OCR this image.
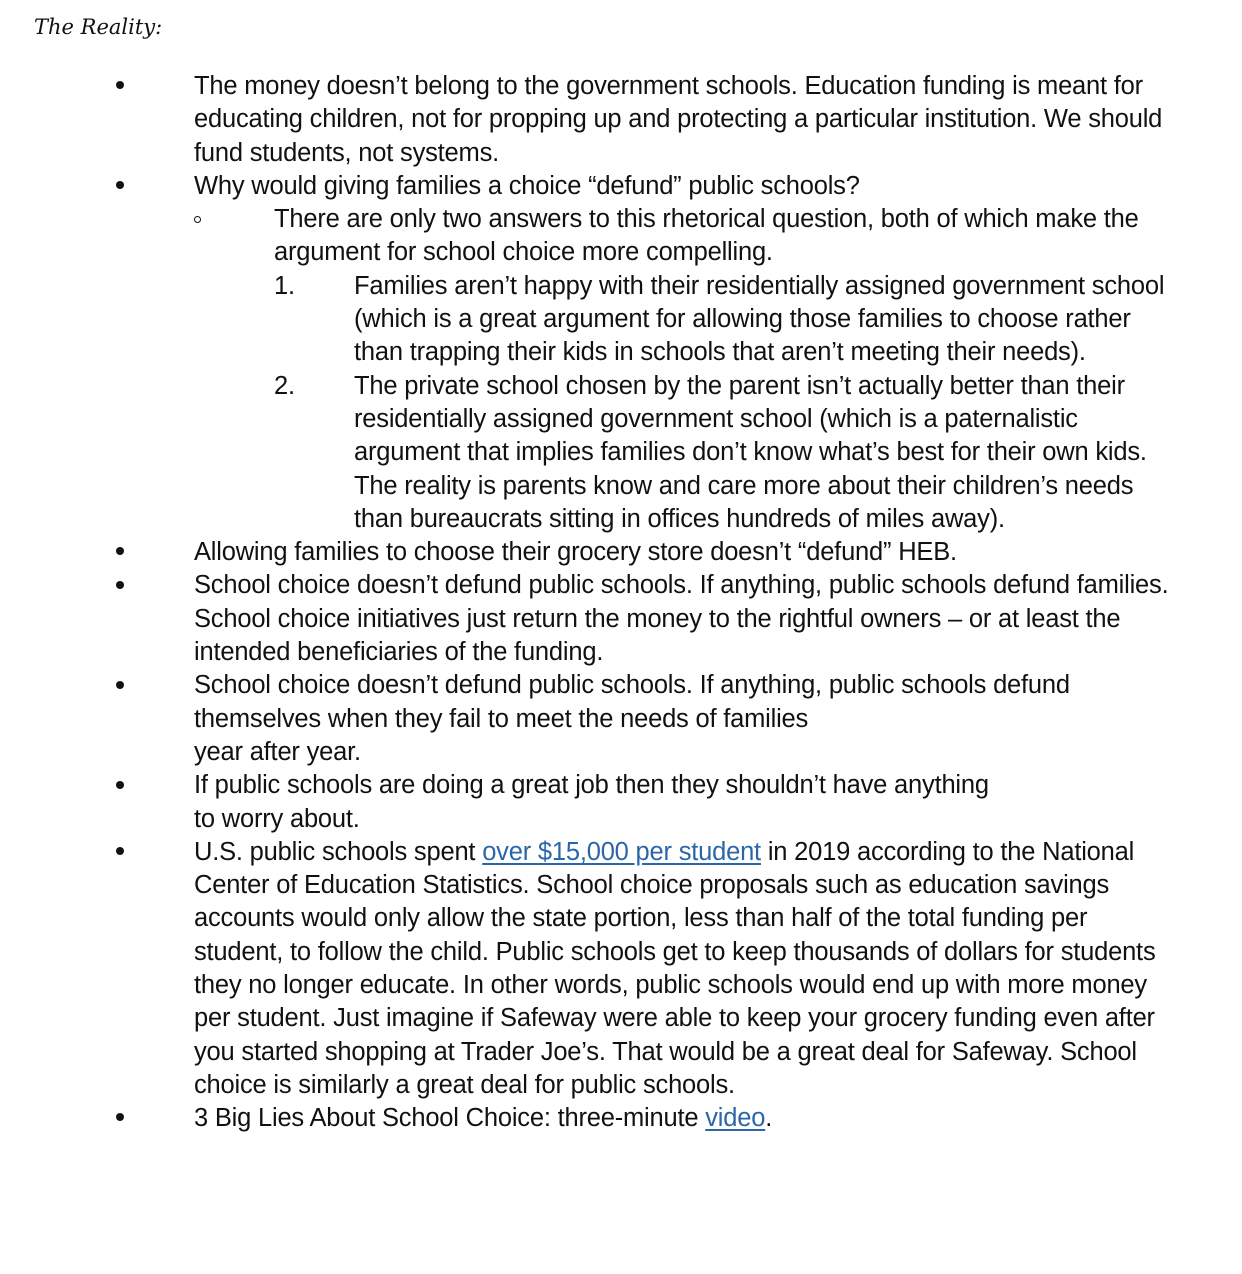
The Reality:
The money doesn’t belong to the government schools. Education funding is meant for educating children, not for propping up and protecting a particular institution. We should fund students, not systems.
Why would giving families a choice “defund” public schools?
There are only two answers to this rhetorical question, both of which make the argument for school choice more compelling.
1. Families aren’t happy with their residentially assigned government school (which is a great argument for allowing those families to choose rather than trapping their kids in schools that aren’t meeting their needs).
2. The private school chosen by the parent isn’t actually better than their residentially assigned government school (which is a paternalistic argument that implies families don’t know what’s best for their own kids. The reality is parents know and care more about their children’s needs than bureaucrats sitting in offices hundreds of miles away).
Allowing families to choose their grocery store doesn’t “defund” HEB.
School choice doesn’t defund public schools. If anything, public schools defund families. School choice initiatives just return the money to the rightful owners – or at least the intended beneficiaries of the funding.
School choice doesn’t defund public schools. If anything, public schools defund themselves when they fail to meet the needs of families
year after year.
If public schools are doing a great job then they shouldn’t have anything
to worry about.
U.S. public schools spent over $15,000 per student in 2019 according to the National Center of Education Statistics. School choice proposals such as education savings accounts would only allow the state portion, less than half of the total funding per student, to follow the child. Public schools get to keep thousands of dollars for students they no longer educate. In other words, public schools would end up with more money per student. Just imagine if Safeway were able to keep your grocery funding even after you started shopping at Trader Joe’s. That would be a great deal for Safeway. School choice is similarly a great deal for public schools.
3 Big Lies About School Choice: three-minute video.
